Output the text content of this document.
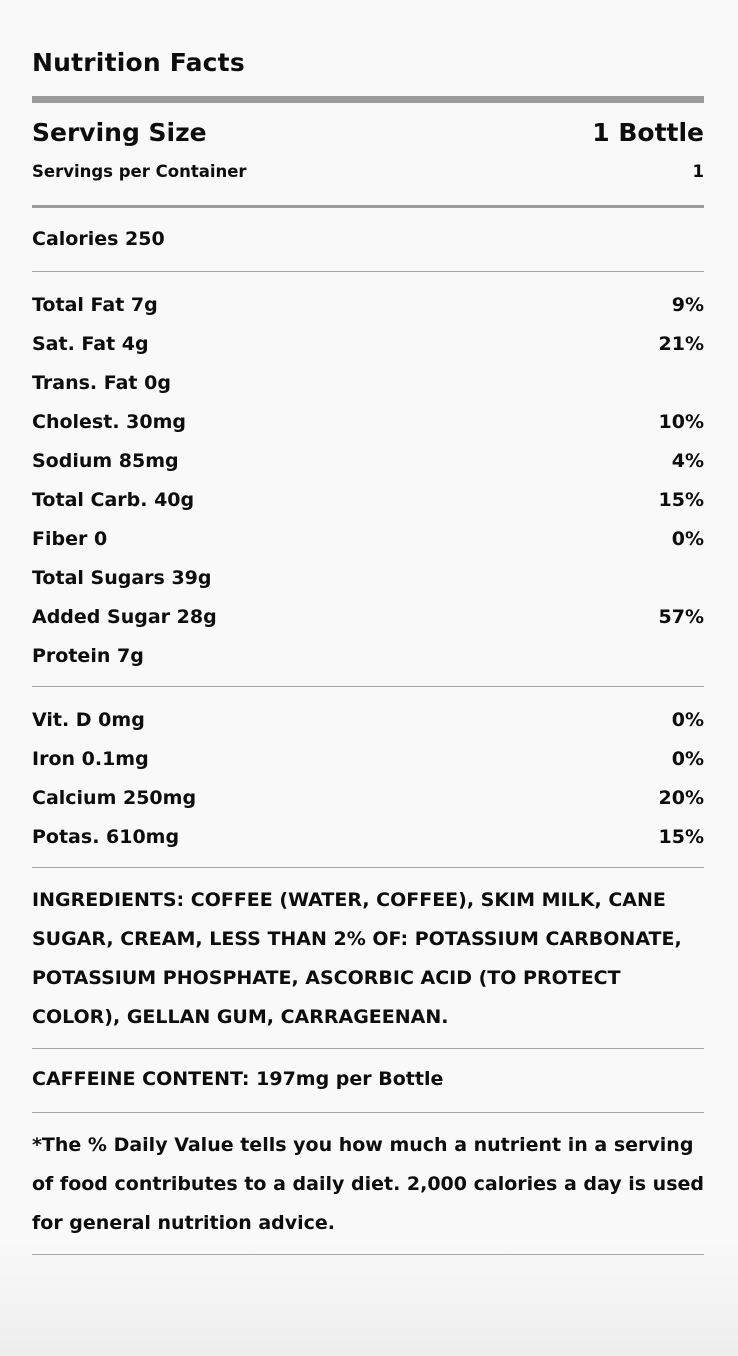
Nutrition Facts
Serving Size	1 Bottle
Servings per Container	1
Calories 250
Total Fat 7g	9%
Sat. Fat 4g	21%
Trans. Fat 0g
Cholest. 30mg	10%
Sodium 85mg	4%
Total Carb. 40g	15%
Fiber 0	0%
Total Sugars 39g
Added Sugar 28g	57%
Protein 7g
Vit. D 0mg	0%
Iron 0.1mg	0%
Calcium 250mg	20%
Potas. 610mg	15%
INGREDIENTS: COFFEE (WATER, COFFEE), SKIM MILK, CANE SUGAR, CREAM, LESS THAN 2% OF: POTASSIUM CARBONATE, POTASSIUM PHOSPHATE, ASCORBIC ACID (TO PROTECT COLOR), GELLAN GUM, CARRAGEENAN.
CAFFEINE CONTENT: 197mg per Bottle
*The % Daily Value tells you how much a nutrient in a serving of food contributes to a daily diet. 2,000 calories a day is used for general nutrition advice.
